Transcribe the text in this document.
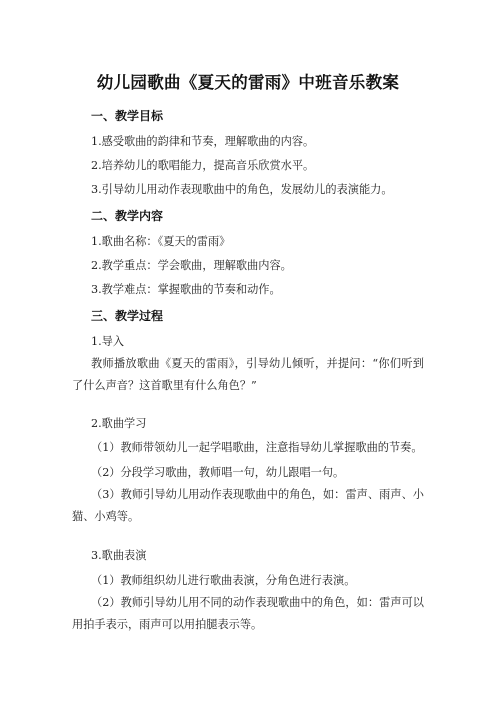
幼儿园歌曲《夏天的雷雨》中班音乐教案
一、教学目标
1.感受歌曲的韵律和节奏，理解歌曲的内容。
2.培养幼儿的歌唱能力，提高音乐欣赏水平。
3.引导幼儿用动作表现歌曲中的角色，发展幼儿的表演能力。
二、教学内容
1.歌曲名称：《夏天的雷雨》
2.教学重点：学会歌曲，理解歌曲内容。
3.教学难点：掌握歌曲的节奏和动作。
三、教学过程
1.导入
教师播放歌曲《夏天的雷雨》，引导幼儿倾听，并提问：“你们听到了什么声音？这首歌里有什么角色？”
2.歌曲学习
（1）教师带领幼儿一起学唱歌曲，注意指导幼儿掌握歌曲的节奏。
（2）分段学习歌曲，教师唱一句，幼儿跟唱一句。
（3）教师引导幼儿用动作表现歌曲中的角色，如：雷声、雨声、小猫、小鸡等。
3.歌曲表演
（1）教师组织幼儿进行歌曲表演，分角色进行表演。
（2）教师引导幼儿用不同的动作表现歌曲中的角色，如：雷声可以用拍手表示，雨声可以用拍腿表示等。
